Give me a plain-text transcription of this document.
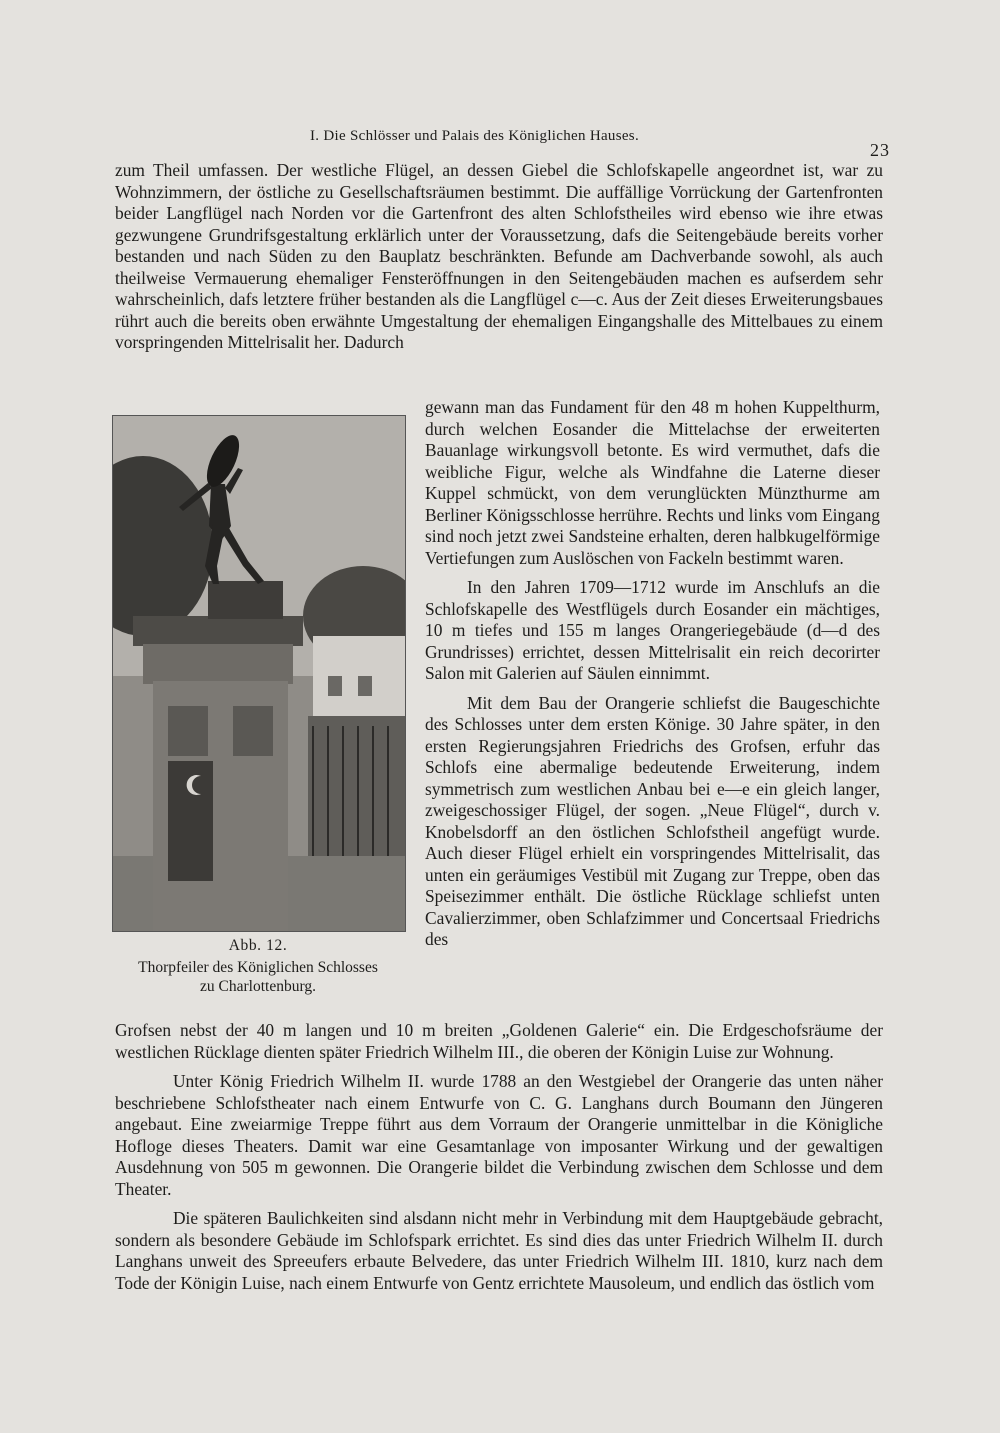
I. Die Schlösser und Palais des Königlichen Hauses.
23

zum Theil umfassen. Der westliche Flügel, an dessen Giebel die Schlofskapelle angeordnet ist, war zu Wohnzimmern, der östliche zu Gesellschaftsräumen bestimmt. Die auffällige Vorrückung der Gartenfronten beider Langflügel nach Norden vor die Gartenfront des alten Schlofstheiles wird ebenso wie ihre etwas gezwungene Grundrifsgestaltung erklärlich unter der Voraussetzung, dafs die Seitengebäude bereits vorher bestanden und nach Süden zu den Bauplatz beschränkten. Befunde am Dachverbande sowohl, als auch theilweise Vermauerung ehemaliger Fensteröffnungen in den Seitengebäuden machen es aufserdem sehr wahrscheinlich, dafs letztere früher bestanden als die Langflügel c—c. Aus der Zeit dieses Erweiterungsbaues rührt auch die bereits oben erwähnte Umgestaltung der ehemaligen Eingangshalle des Mittelbaues zu einem vorspringenden Mittelrisalit her. Dadurch

Abb. 12.
Thorpfeiler des Königlichen Schlosses
zu Charlottenburg.

gewann man das Fundament für den 48 m hohen Kuppelthurm, durch welchen Eosander die Mittelachse der erweiterten Bauanlage wirkungsvoll betonte. Es wird vermuthet, dafs die weibliche Figur, welche als Windfahne die Laterne dieser Kuppel schmückt, von dem verunglückten Münzthurme am Berliner Königsschlosse herrühre. Rechts und links vom Eingang sind noch jetzt zwei Sandsteine erhalten, deren halbkugelförmige Vertiefungen zum Auslöschen von Fackeln bestimmt waren.

In den Jahren 1709—1712 wurde im Anschlufs an die Schlofskapelle des Westflügels durch Eosander ein mächtiges, 10 m tiefes und 155 m langes Orangeriegebäude (d—d des Grundrisses) errichtet, dessen Mittelrisalit ein reich decorirter Salon mit Galerien auf Säulen einnimmt.

Mit dem Bau der Orangerie schliefst die Baugeschichte des Schlosses unter dem ersten Könige. 30 Jahre später, in den ersten Regierungsjahren Friedrichs des Grofsen, erfuhr das Schlofs eine abermalige bedeutende Erweiterung, indem symmetrisch zum westlichen Anbau bei e—e ein gleich langer, zweigeschossiger Flügel, der sogen. „Neue Flügel“, durch v. Knobelsdorff an den östlichen Schlofstheil angefügt wurde. Auch dieser Flügel erhielt ein vorspringendes Mittelrisalit, das unten ein geräumiges Vestibül mit Zugang zur Treppe, oben das Speisezimmer enthält. Die östliche Rücklage schliefst unten Cavalierzimmer, oben Schlafzimmer und Concertsaal Friedrichs des

Grofsen nebst der 40 m langen und 10 m breiten „Goldenen Galerie“ ein. Die Erdgeschofsräume der westlichen Rücklage dienten später Friedrich Wilhelm III., die oberen der Königin Luise zur Wohnung.

Unter König Friedrich Wilhelm II. wurde 1788 an den Westgiebel der Orangerie das unten näher beschriebene Schlofstheater nach einem Entwurfe von C. G. Langhans durch Boumann den Jüngeren angebaut. Eine zweiarmige Treppe führt aus dem Vorraum der Orangerie unmittelbar in die Königliche Hofloge dieses Theaters. Damit war eine Gesamtanlage von imposanter Wirkung und der gewaltigen Ausdehnung von 505 m gewonnen. Die Orangerie bildet die Verbindung zwischen dem Schlosse und dem Theater.

Die späteren Baulichkeiten sind alsdann nicht mehr in Verbindung mit dem Hauptgebäude gebracht, sondern als besondere Gebäude im Schlofspark errichtet. Es sind dies das unter Friedrich Wilhelm II. durch Langhans unweit des Spreeufers erbaute Belvedere, das unter Friedrich Wilhelm III. 1810, kurz nach dem Tode der Königin Luise, nach einem Entwurfe von Gentz errichtete Mausoleum, und endlich das östlich vom
